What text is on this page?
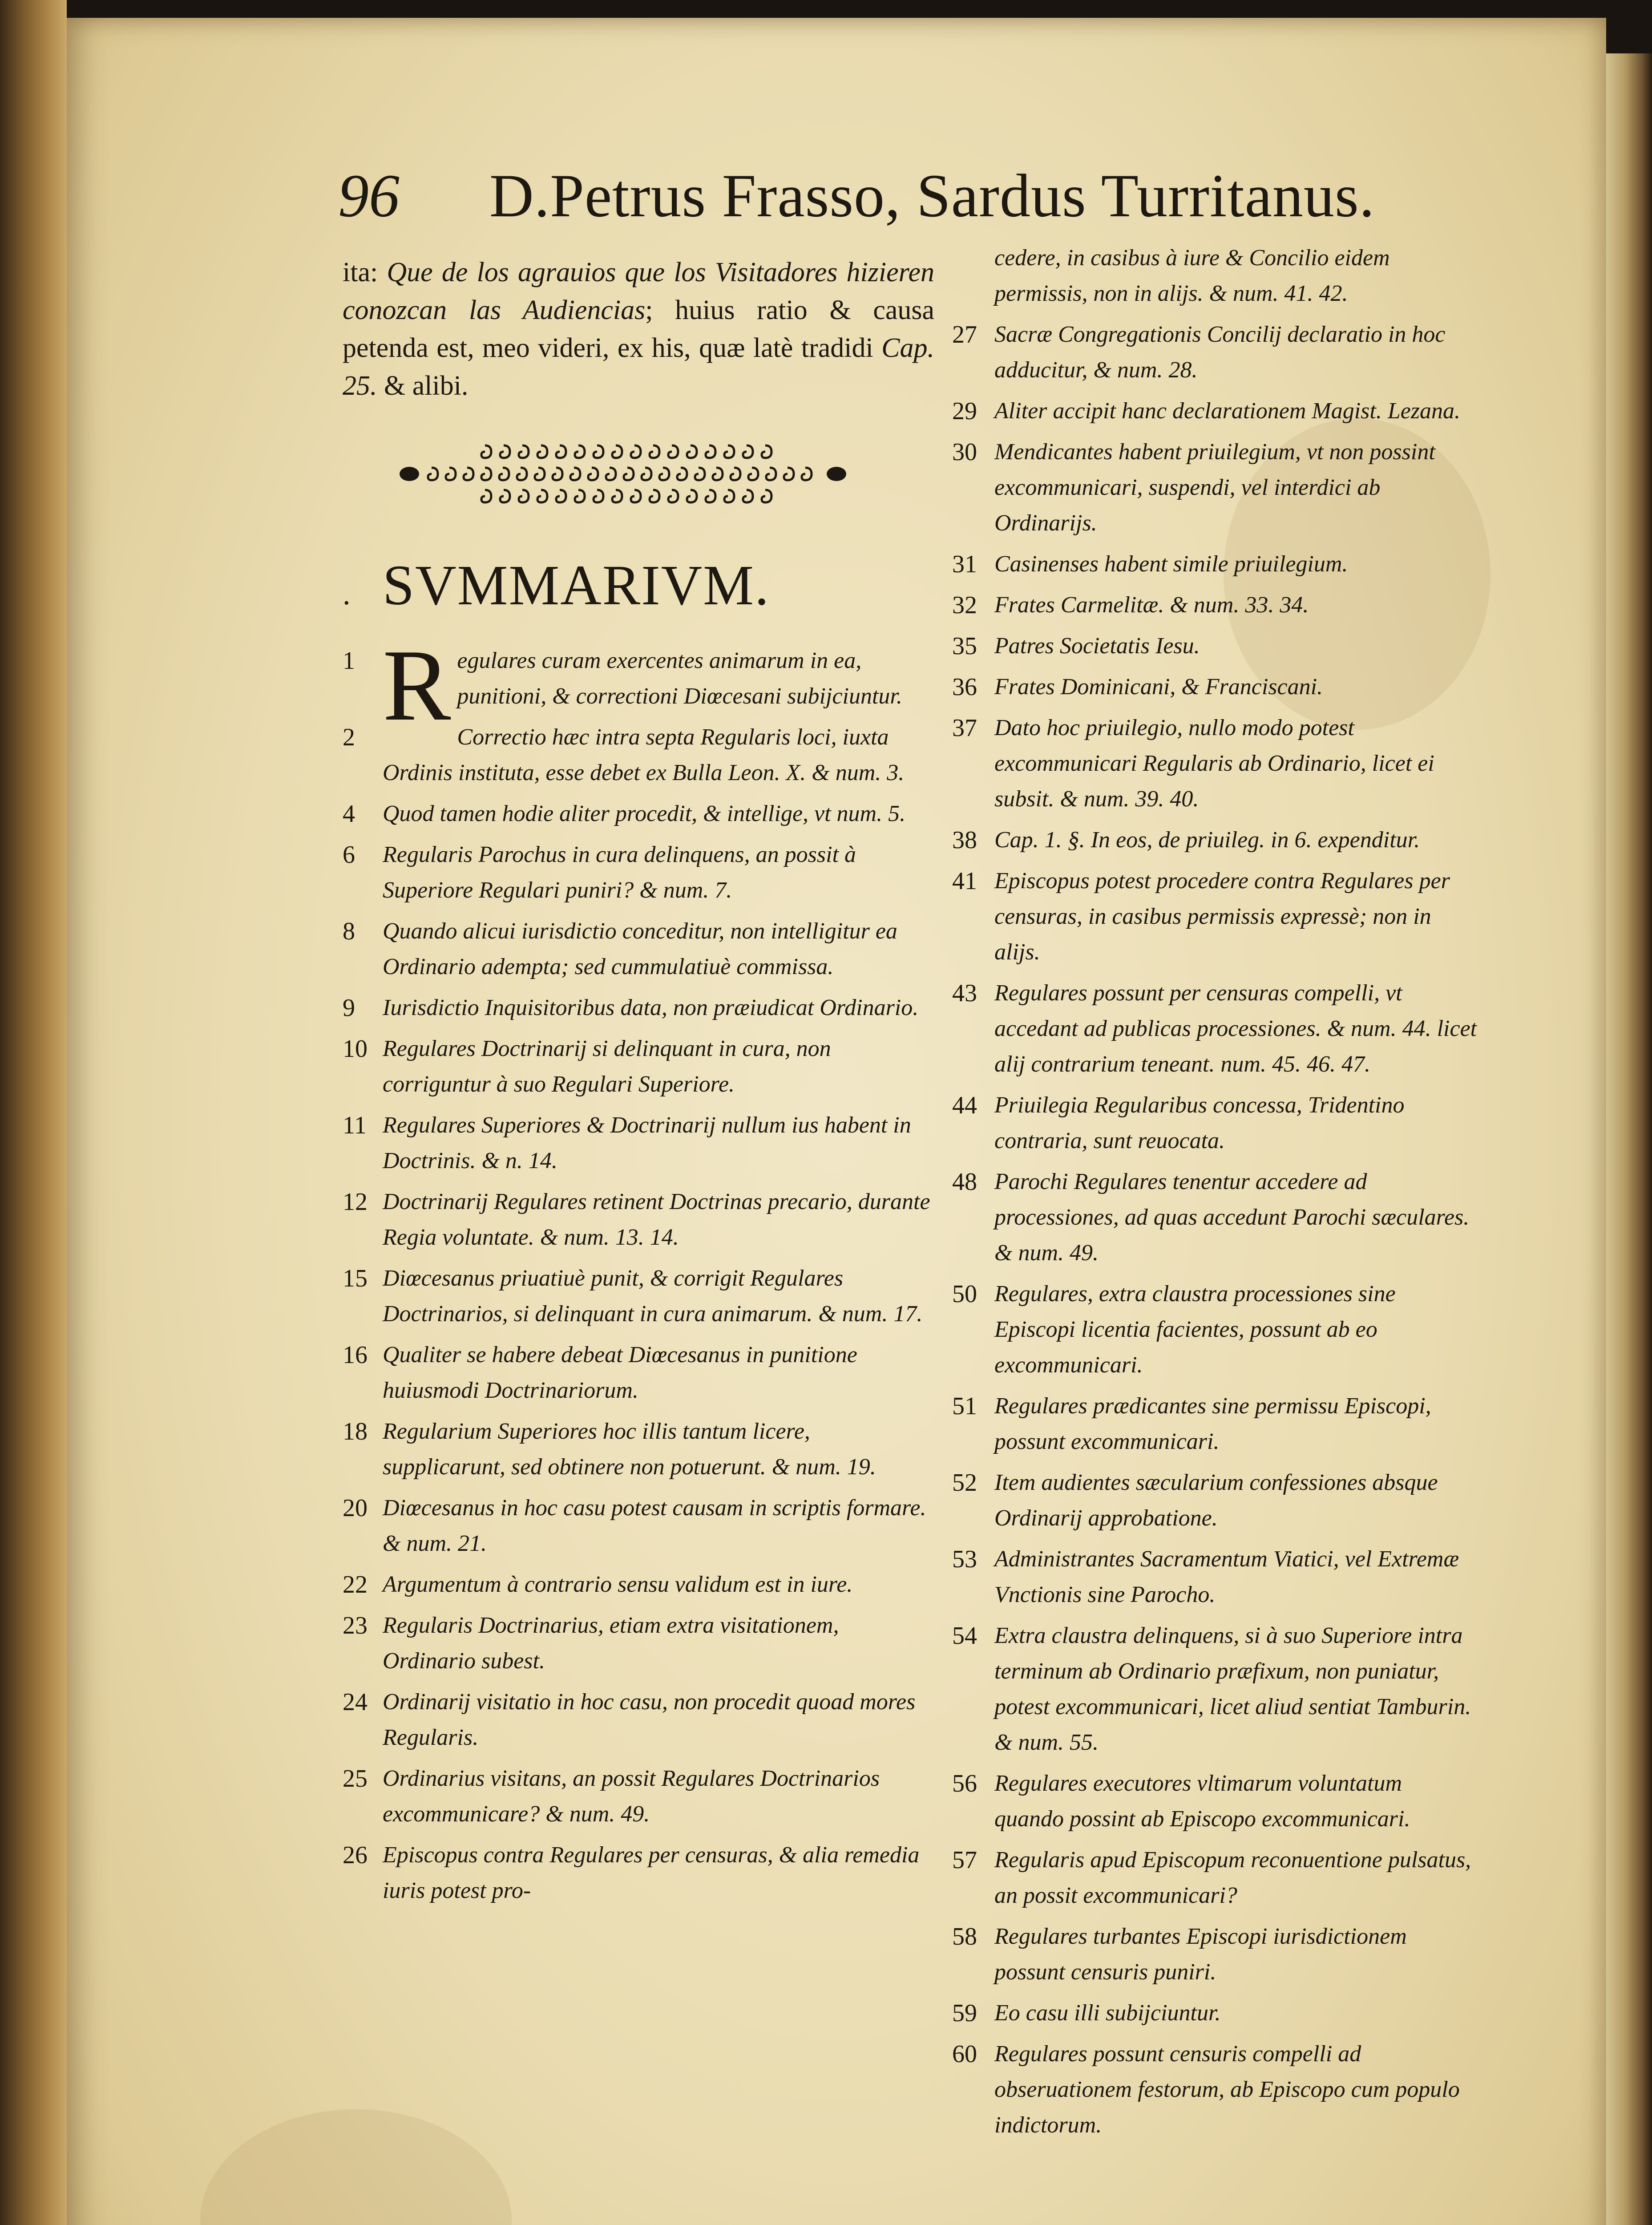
96 D.Petrus Frasso, Sardus Turritanus.
ita: Que de los agrauios que los Visitadores hizieren conozcan las Audiencias; huius ratio & causa petenda est, meo videri, ex his, quæ latè tradidi Cap. 25. & alibi.
. SVMMARIVM.
1 R egulares curam exercentes animarum in ea, punitioni, & correctioni Diœcesani subijciuntur.
2	Correctio hæc intra septa Regularis loci, iuxta Ordinis instituta, esse debet ex Bulla Leon. X. & num. 3.
4 Quod tamen hodie aliter procedit, & intellige, vt num. 5.
6 Regularis Parochus in cura delinquens, an possit à Superiore Regulari puniri? & num. 7.
8 Quando alicui iurisdictio conceditur, non intelligitur ea Ordinario adempta; sed cummulatiuè commissa.
9 Iurisdictio Inquisitoribus data, non præiudicat Ordinario.
10 Regulares Doctrinarij si delinquant in cura, non corriguntur à suo Regulari Superiore.
11 Regulares Superiores & Doctrinarij nullum ius habent in Doctrinis. & n. 14.
12 Doctrinarij Regulares retinent Doctrinas precario, durante Regia voluntate. & num. 13. 14.
15 Diœcesanus priuatiuè punit, & corrigit Regulares Doctrinarios, si delinquant in cura animarum. & num. 17.
16 Qualiter se habere debeat Diœcesanus in punitione huiusmodi Doctrinariorum.
18 Regularium Superiores hoc illis tantum licere, supplicarunt, sed obtinere non potuerunt. & num. 19.
20 Diœcesanus in hoc casu potest causam in scriptis formare. & num. 21.
22 Argumentum à contrario sensu validum est in iure.
23 Regularis Doctrinarius, etiam extra visitationem, Ordinario subest.
24 Ordinarij visitatio in hoc casu, non procedit quoad mores Regularis.
25 Ordinarius visitans, an possit Regulares Doctrinarios excommunicare? & num. 49.
26 Episcopus contra Regulares per censuras, & alia remedia iuris potest pro-
cedere, in casibus à iure & Concilio eidem permissis, non in alijs. & num. 41. 42.
27 Sacræ Congregationis Concilij declaratio in hoc adducitur, & num. 28.
29 Aliter accipit hanc declarationem Magist. Lezana.
30 Mendicantes habent priuilegium, vt non possint excommunicari, suspendi, vel interdici ab Ordinarijs.
31 Casinenses habent simile priuilegium.
32 Frates Carmelitæ. & num. 33. 34.
35 Patres Societatis Iesu.
36 Frates Dominicani, & Franciscani.
37 Dato hoc priuilegio, nullo modo potest excommunicari Regularis ab Ordinario, licet ei subsit. & num. 39. 40.
38 Cap. 1. §. In eos, de priuileg. in 6. expenditur.
41 Episcopus potest procedere contra Regulares per censuras, in casibus permissis expressè; non in alijs.
43 Regulares possunt per censuras compelli, vt accedant ad publicas processiones. & num. 44. licet alij contrarium teneant. num. 45. 46. 47.
44 Priuilegia Regularibus concessa, Tridentino contraria, sunt reuocata.
48 Parochi Regulares tenentur accedere ad processiones, ad quas accedunt Parochi sæculares. & num. 49.
50 Regulares, extra claustra processiones sine Episcopi licentia facientes, possunt ab eo excommunicari.
51 Regulares prædicantes sine permissu Episcopi, possunt excommunicari.
52 Item audientes sæcularium confessiones absque Ordinarij approbatione.
53 Administrantes Sacramentum Viatici, vel Extremæ Vnctionis sine Parocho.
54 Extra claustra delinquens, si à suo Superiore intra terminum ab Ordinario præfixum, non puniatur, potest excommunicari, licet aliud sentiat Tamburin. & num. 55.
56 Regulares executores vltimarum voluntatum quando possint ab Episcopo excommunicari.
57 Regularis apud Episcopum reconuentione pulsatus, an possit excommunicari?
58 Regulares turbantes Episcopi iurisdictionem possunt censuris puniri.
59 Eo casu illi subijciuntur.
60 Regulares possunt censuris compelli ad obseruationem festorum, ab Episcopo cum populo indictorum.
